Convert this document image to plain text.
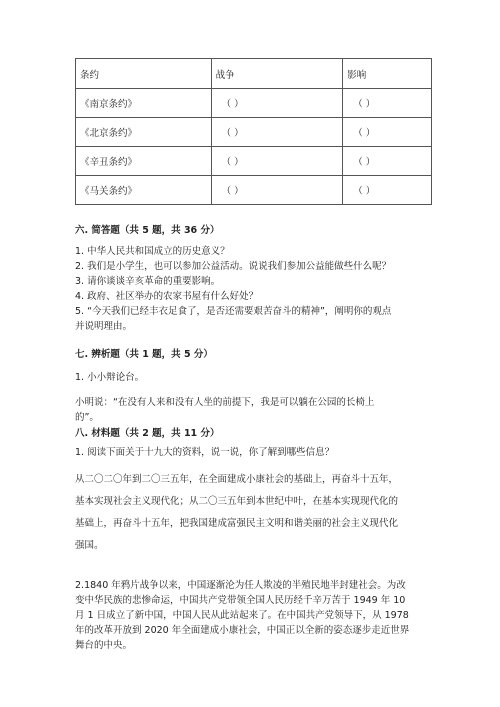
条约	战争	影响
《南京条约》	（ ）	（ ）
《北京条约》	（ ）	（ ）
《辛丑条约》	（ ）	（ ）
《马关条约》	（ ）	（ ）
六. 简答题（共 5 题，共 36 分）
1. 中华人民共和国成立的历史意义？
2. 我们是小学生，也可以参加公益活动。说说我们参加公益能做些什么呢？
3. 请你谈谈辛亥革命的重要影响。
4. 政府、社区举办的农家书屋有什么好处？
5. “今天我们已经丰衣足食了，是否还需要艰苦奋斗的精神”，阐明你的观点
并说明理由。
七. 辨析题（共 1 题，共 5 分）
1. 小小辩论台。
小明说：“在没有人来和没有人坐的前提下，我是可以躺在公园的长椅上
的”。
八. 材料题（共 2 题，共 11 分）
1. 阅读下面关于十九大的资料，说一说，你了解到哪些信息？
从二〇二〇年到二〇三五年，在全面建成小康社会的基础上，再奋斗十五年，
基本实现社会主义现代化；从二〇三五年到本世纪中叶，在基本实现现代化的
基础上，再奋斗十五年，把我国建成富强民主文明和谐美丽的社会主义现代化
强国。
2.1840 年鸦片战争以来，中国逐渐沦为任人欺凌的半殖民地半封建社会。为改
变中华民族的悲惨命运，中国共产党带领全国人民历经千辛万苦于 1949 年 10
月 1 日成立了新中国，中国人民从此站起来了。在中国共产党领导下，从 1978
年的改革开放到 2020 年全面建成小康社会，中国正以全新的姿态逐步走近世界
舞台的中央。
